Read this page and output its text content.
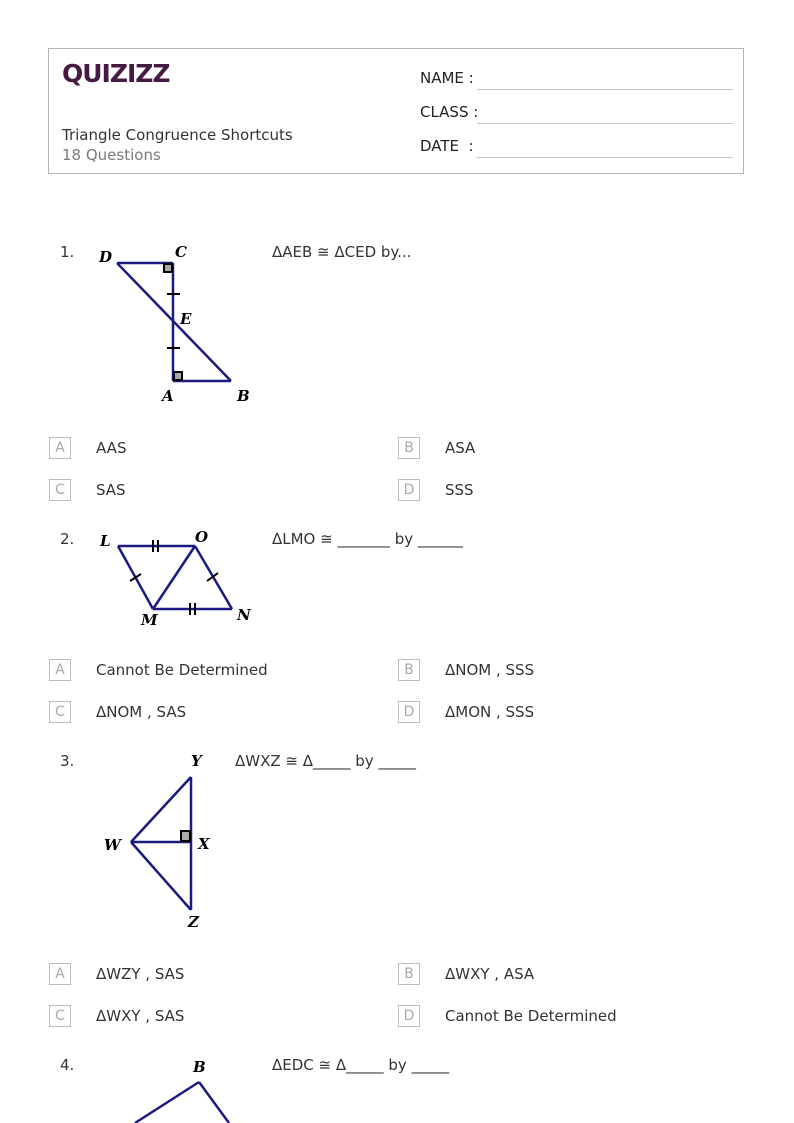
QUIZIZZ
Triangle Congruence Shortcuts
18 Questions
NAME :
CLASS :
DATE  :
1.	ΔAEB ≅ ΔCED by...
D	C
E
A	B
A	AAS	B	ASA
C	SAS	D	SSS
2.	ΔLMO ≅ _______ by ______
L	O
M	N
A	Cannot Be Determined	B	ΔNOM , SSS
C	ΔNOM , SAS	D	ΔMON , SSS
3.	ΔWXZ ≅ Δ_____ by _____
Y
W	X
Z
A	ΔWZY , SAS	B	ΔWXY , ASA
C	ΔWXY , SAS	D	Cannot Be Determined
4.	ΔEDC ≅ Δ_____ by _____
B
